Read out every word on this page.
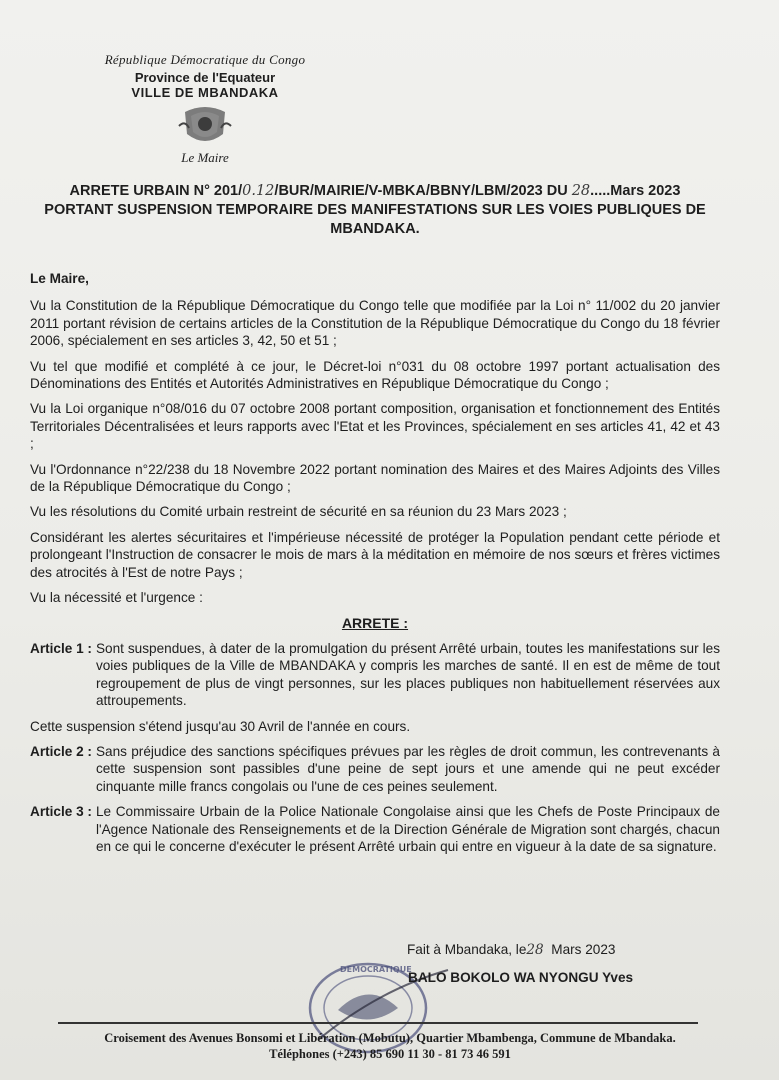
République Démocratique du Congo
Province de l'Equateur
VILLE DE MBANDAKA
Le Maire
ARRETE URBAIN N° 201/0.12/BUR/MAIRIE/V-MBKA/BBNY/LBM/2023 DU 28.....Mars 2023
PORTANT SUSPENSION TEMPORAIRE DES MANIFESTATIONS SUR LES VOIES PUBLIQUES DE MBANDAKA.

Le Maire,

Vu la Constitution de la République Démocratique du Congo telle que modifiée par la Loi n° 11/002 du 20 janvier 2011 portant révision de certains articles de la Constitution de la République Démocratique du Congo du 18 février 2006, spécialement en ses articles 3, 42, 50 et 51 ;

Vu tel que modifié et complété à ce jour, le Décret-loi n°031 du 08 octobre 1997 portant actualisation des Dénominations des Entités et Autorités Administratives en République Démocratique du Congo ;

Vu la Loi organique n°08/016 du 07 octobre 2008 portant composition, organisation et fonctionnement des Entités Territoriales Décentralisées et leurs rapports avec l'Etat et les Provinces, spécialement en ses articles 41, 42 et 43 ;

Vu l'Ordonnance n°22/238 du 18 Novembre 2022 portant nomination des Maires et des Maires Adjoints des Villes de la République Démocratique du Congo ;

Vu les résolutions du Comité urbain restreint de sécurité en sa réunion du 23 Mars 2023 ;

Considérant les alertes sécuritaires et l'impérieuse nécessité de protéger la Population pendant cette période et prolongeant l'Instruction de consacrer le mois de mars à la méditation en mémoire de nos sœurs et frères victimes des atrocités à l'Est de notre Pays ;

Vu la nécessité et l'urgence :

ARRETE :

Article 1 : Sont suspendues, à dater de la promulgation du présent Arrêté urbain, toutes les manifestations sur les voies publiques de la Ville de MBANDAKA y compris les marches de santé. Il en est de même de tout regroupement de plus de vingt personnes, sur les places publiques non habituellement réservées aux attroupements.

Cette suspension s'étend jusqu'au 30 Avril de l'année en cours.

Article 2 : Sans préjudice des sanctions spécifiques prévues par les règles de droit commun, les contrevenants à cette suspension sont passibles d'une peine de sept jours et une amende qui ne peut excéder cinquante mille francs congolais ou l'une de ces peines seulement.
Article 3 : Le Commissaire Urbain de la Police Nationale Congolaise ainsi que les Chefs de Poste Principaux de l'Agence Nationale des Renseignements et de la Direction Générale de Migration sont chargés, chacun en ce qui le concerne d'exécuter le présent Arrêté urbain qui entre en vigueur à la date de sa signature.
Fait à Mbandaka, le28 Mars 2023
DEMOCRATIQUE
BALO BOKOLO WA NYONGU Yves
Croisement des Avenues Bonsomi et Libération (Mobutu), Quartier Mbambenga, Commune de Mbandaka.
Téléphones (+243) 85 690 11 30 - 81 73 46 591
